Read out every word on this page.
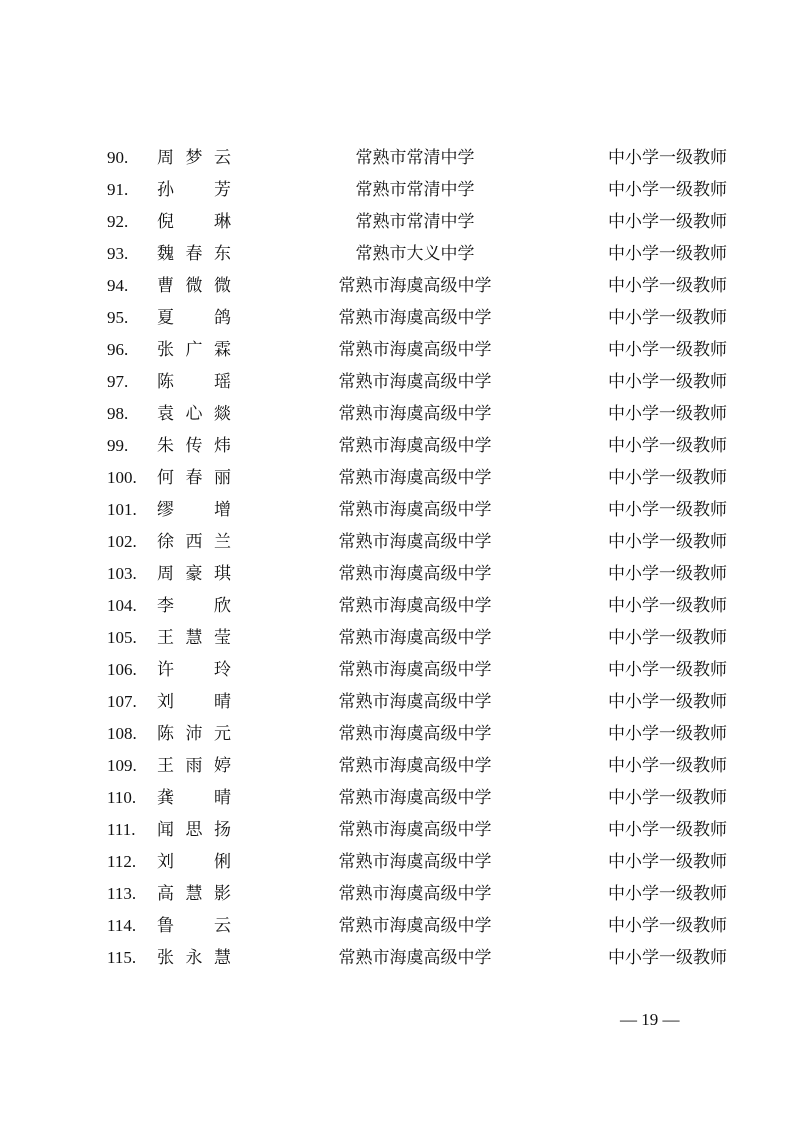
90. 周梦云	常熟市常清中学	中小学一级教师
91. 孙 芳	常熟市常清中学	中小学一级教师
92. 倪 琳	常熟市常清中学	中小学一级教师
93. 魏春东	常熟市大义中学	中小学一级教师
94. 曹微微	常熟市海虞高级中学	中小学一级教师
95. 夏 鸽	常熟市海虞高级中学	中小学一级教师
96. 张广霖	常熟市海虞高级中学	中小学一级教师
97. 陈 瑶	常熟市海虞高级中学	中小学一级教师
98. 袁心燚	常熟市海虞高级中学	中小学一级教师
99. 朱传炜	常熟市海虞高级中学	中小学一级教师
100. 何春丽	常熟市海虞高级中学	中小学一级教师
101. 缪 增	常熟市海虞高级中学	中小学一级教师
102. 徐西兰	常熟市海虞高级中学	中小学一级教师
103. 周豪琪	常熟市海虞高级中学	中小学一级教师
104. 李 欣	常熟市海虞高级中学	中小学一级教师
105. 王慧莹	常熟市海虞高级中学	中小学一级教师
106. 许 玲	常熟市海虞高级中学	中小学一级教师
107. 刘 晴	常熟市海虞高级中学	中小学一级教师
108. 陈沛元	常熟市海虞高级中学	中小学一级教师
109. 王雨婷	常熟市海虞高级中学	中小学一级教师
110. 龚 晴	常熟市海虞高级中学	中小学一级教师
111. 闻思扬	常熟市海虞高级中学	中小学一级教师
112. 刘 俐	常熟市海虞高级中学	中小学一级教师
113. 高慧影	常熟市海虞高级中学	中小学一级教师
114. 鲁 云	常熟市海虞高级中学	中小学一级教师
115. 张永慧	常熟市海虞高级中学	中小学一级教师
— 19 —
